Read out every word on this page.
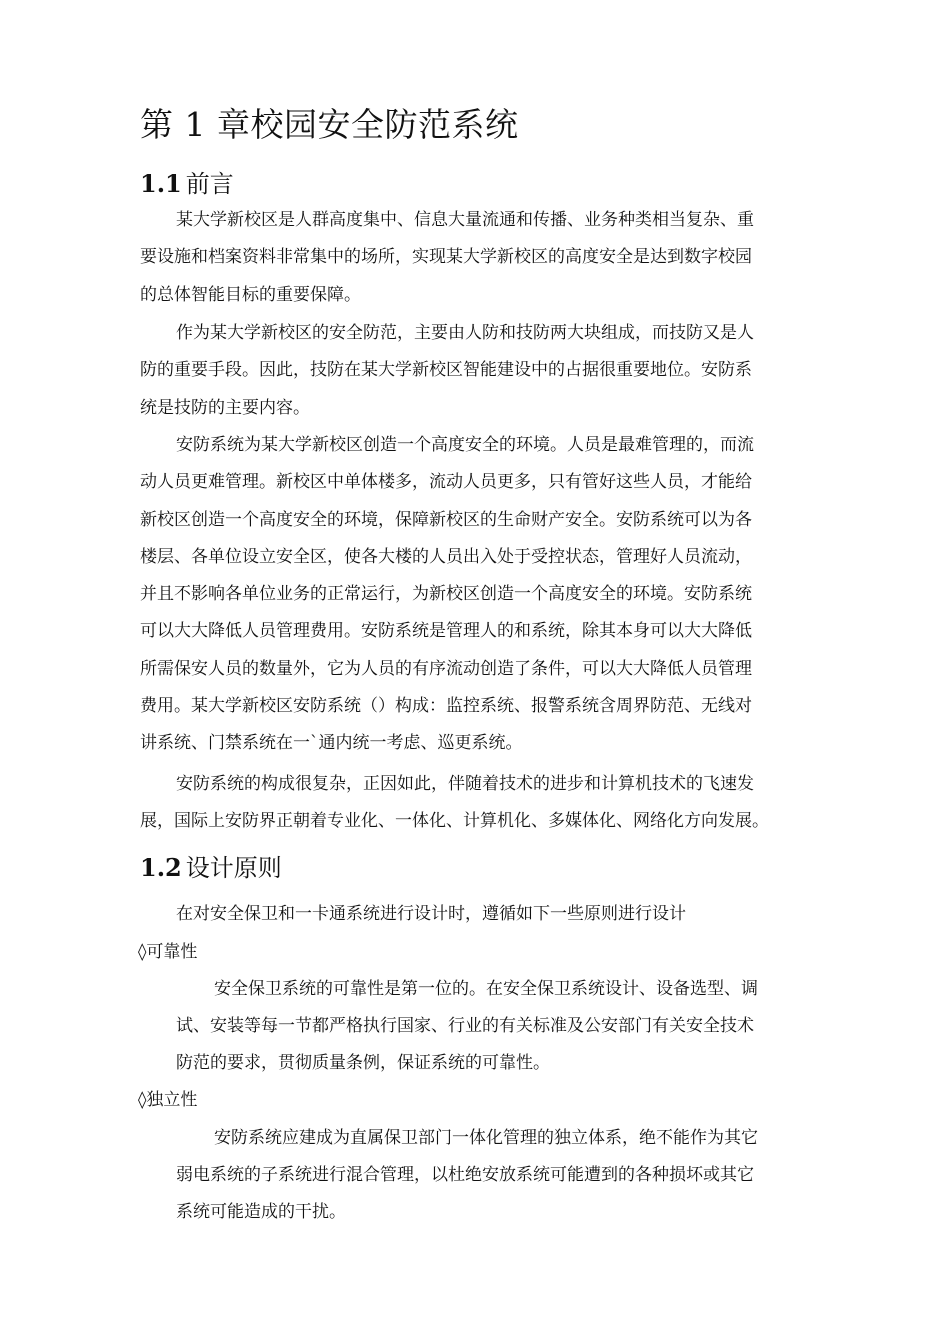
第 1 章校园安全防范系统
1.1 前言
某大学新校区是人群高度集中、信息大量流通和传播、业务种类相当复杂、重
要设施和档案资料非常集中的场所，实现某大学新校区的高度安全是达到数字校园
的总体智能目标的重要保障。
作为某大学新校区的安全防范，主要由人防和技防两大块组成，而技防又是人
防的重要手段。因此，技防在某大学新校区智能建设中的占据很重要地位。安防系
统是技防的主要内容。
安防系统为某大学新校区创造一个高度安全的环境。人员是最难管理的，而流
动人员更难管理。新校区中单体楼多，流动人员更多，只有管好这些人员，才能给
新校区创造一个高度安全的环境，保障新校区的生命财产安全。安防系统可以为各
楼层、各单位设立安全区，使各大楼的人员出入处于受控状态，管理好人员流动，
并且不影响各单位业务的正常运行，为新校区创造一个高度安全的环境。安防系统
可以大大降低人员管理费用。安防系统是管理人的和系统，除其本身可以大大降低
所需保安人员的数量外，它为人员的有序流动创造了条件，可以大大降低人员管理
费用。某大学新校区安防系统（）构成：监控系统、报警系统含周界防范、无线对
讲系统、门禁系统在一`通内统一考虑、巡更系统。
安防系统的构成很复杂，正因如此，伴随着技术的进步和计算机技术的飞速发
展，国际上安防界正朝着专业化、一体化、计算机化、多媒体化、网络化方向发展。
1.2 设计原则
在对安全保卫和一卡通系统进行设计时，遵循如下一些原则进行设计
◊可靠性
安全保卫系统的可靠性是第一位的。在安全保卫系统设计、设备选型、调
试、安装等每一节都严格执行国家、行业的有关标准及公安部门有关安全技术
防范的要求，贯彻质量条例，保证系统的可靠性。
◊独立性
安防系统应建成为直属保卫部门一体化管理的独立体系，绝不能作为其它
弱电系统的子系统进行混合管理，以杜绝安放系统可能遭到的各种损坏或其它
系统可能造成的干扰。
